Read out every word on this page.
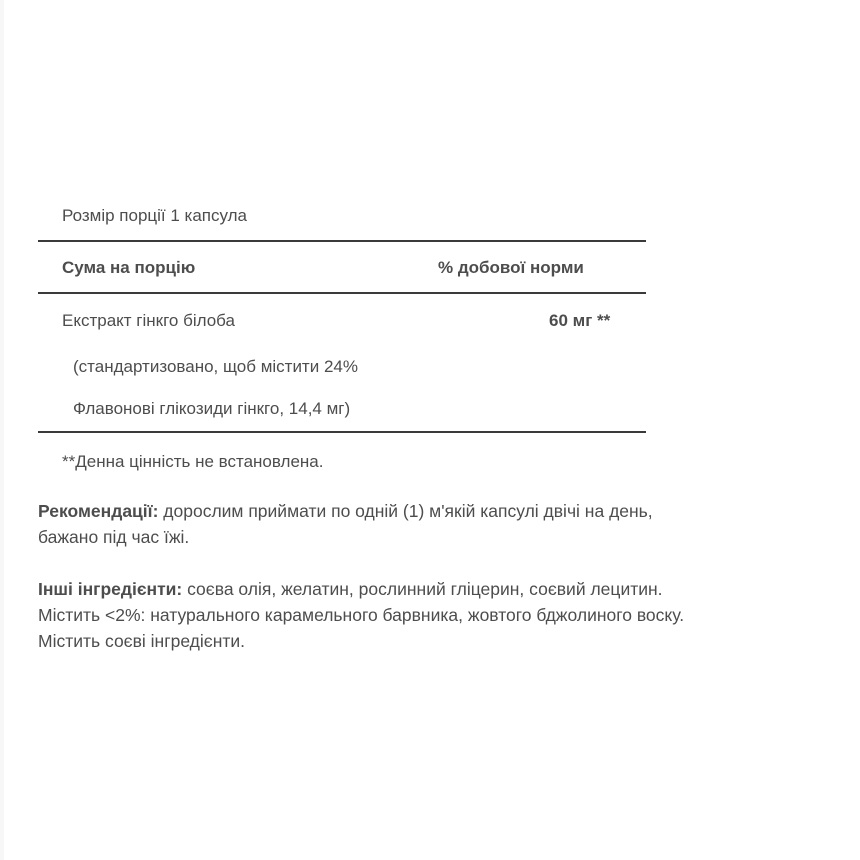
Розмір порції 1 капсула
Сума на порцію	% добової норми
Екстракт гінкго білоба	60 мг **
(стандартизовано, щоб містити 24%
Флавонові глікозиди гінкго, 14,4 мг)
**Денна цінність не встановлена.
Рекомендації: дорослим приймати по одній (1) м'якій капсулі двічі на день,
бажано під час їжі.
Інші інгредієнти: соєва олія, желатин, рослинний гліцерин, соєвий лецитин.
Містить <2%: натурального карамельного барвника, жовтого бджолиного воску.
Містить соєві інгредієнти.
